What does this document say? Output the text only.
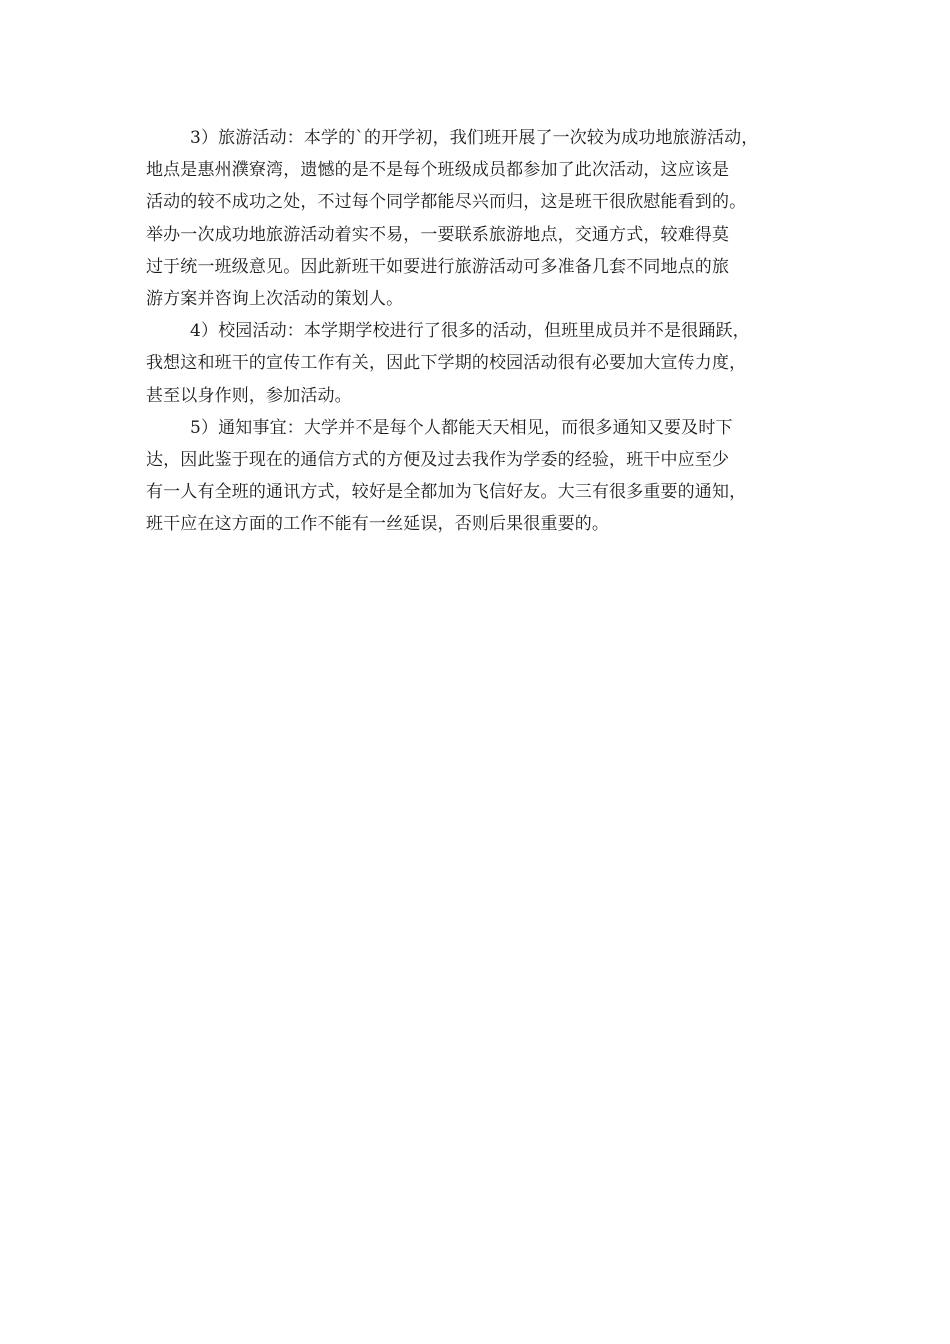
3）旅游活动：本学的`的开学初，我们班开展了一次较为成功地旅游活动，
地点是惠州濮寮湾，遗憾的是不是每个班级成员都参加了此次活动，这应该是
活动的较不成功之处，不过每个同学都能尽兴而归，这是班干很欣慰能看到的。
举办一次成功地旅游活动着实不易，一要联系旅游地点，交通方式，较难得莫
过于统一班级意见。因此新班干如要进行旅游活动可多准备几套不同地点的旅
游方案并咨询上次活动的策划人。
4）校园活动：本学期学校进行了很多的活动，但班里成员并不是很踊跃，
我想这和班干的宣传工作有关，因此下学期的校园活动很有必要加大宣传力度，
甚至以身作则，参加活动。
5）通知事宜：大学并不是每个人都能天天相见，而很多通知又要及时下
达，因此鉴于现在的通信方式的方便及过去我作为学委的经验，班干中应至少
有一人有全班的通讯方式，较好是全都加为飞信好友。大三有很多重要的通知，
班干应在这方面的工作不能有一丝延误，否则后果很重要的。
